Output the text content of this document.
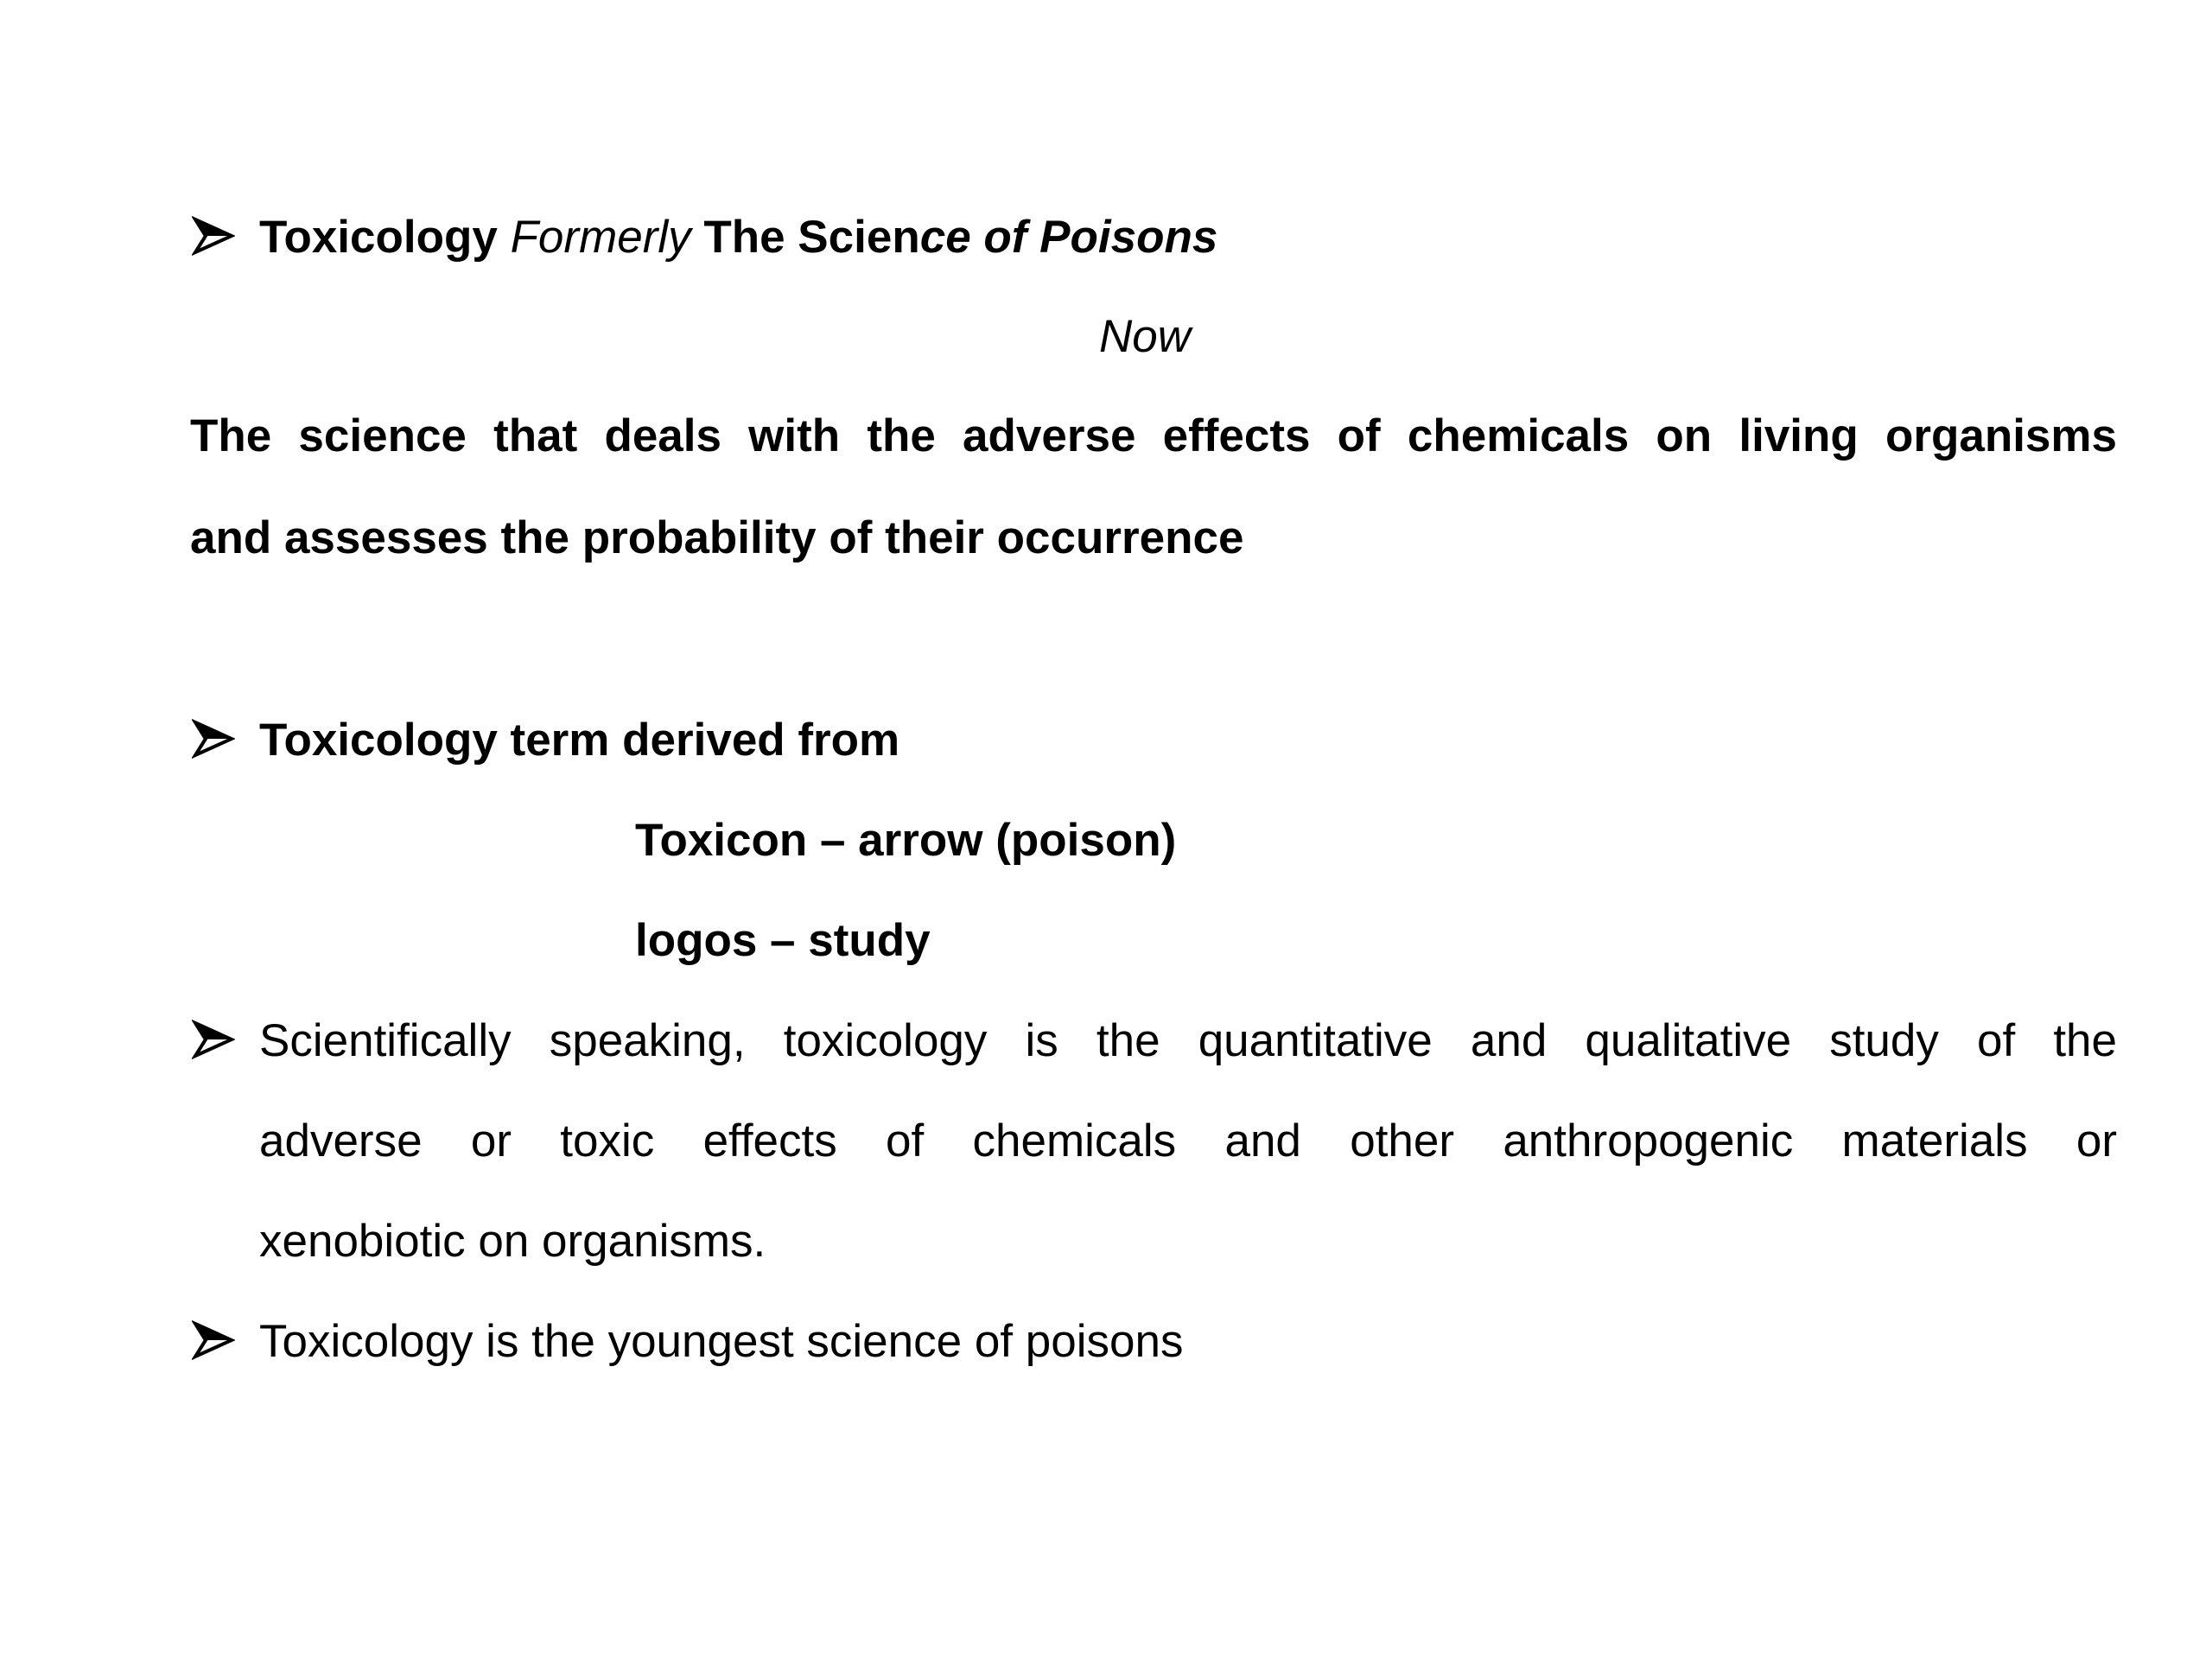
Toxicology Formerly The Science of Poisons
Now
The science that deals with the adverse effects of chemicals on living organisms
and assesses the probability of their occurrence
Toxicology term derived from
Toxicon – arrow (poison)
logos – study
Scientifically speaking, toxicology is the quantitative and qualitative study of the
adverse or toxic effects of chemicals and other anthropogenic materials or
xenobiotic on organisms.
Toxicology is the youngest science of poisons
